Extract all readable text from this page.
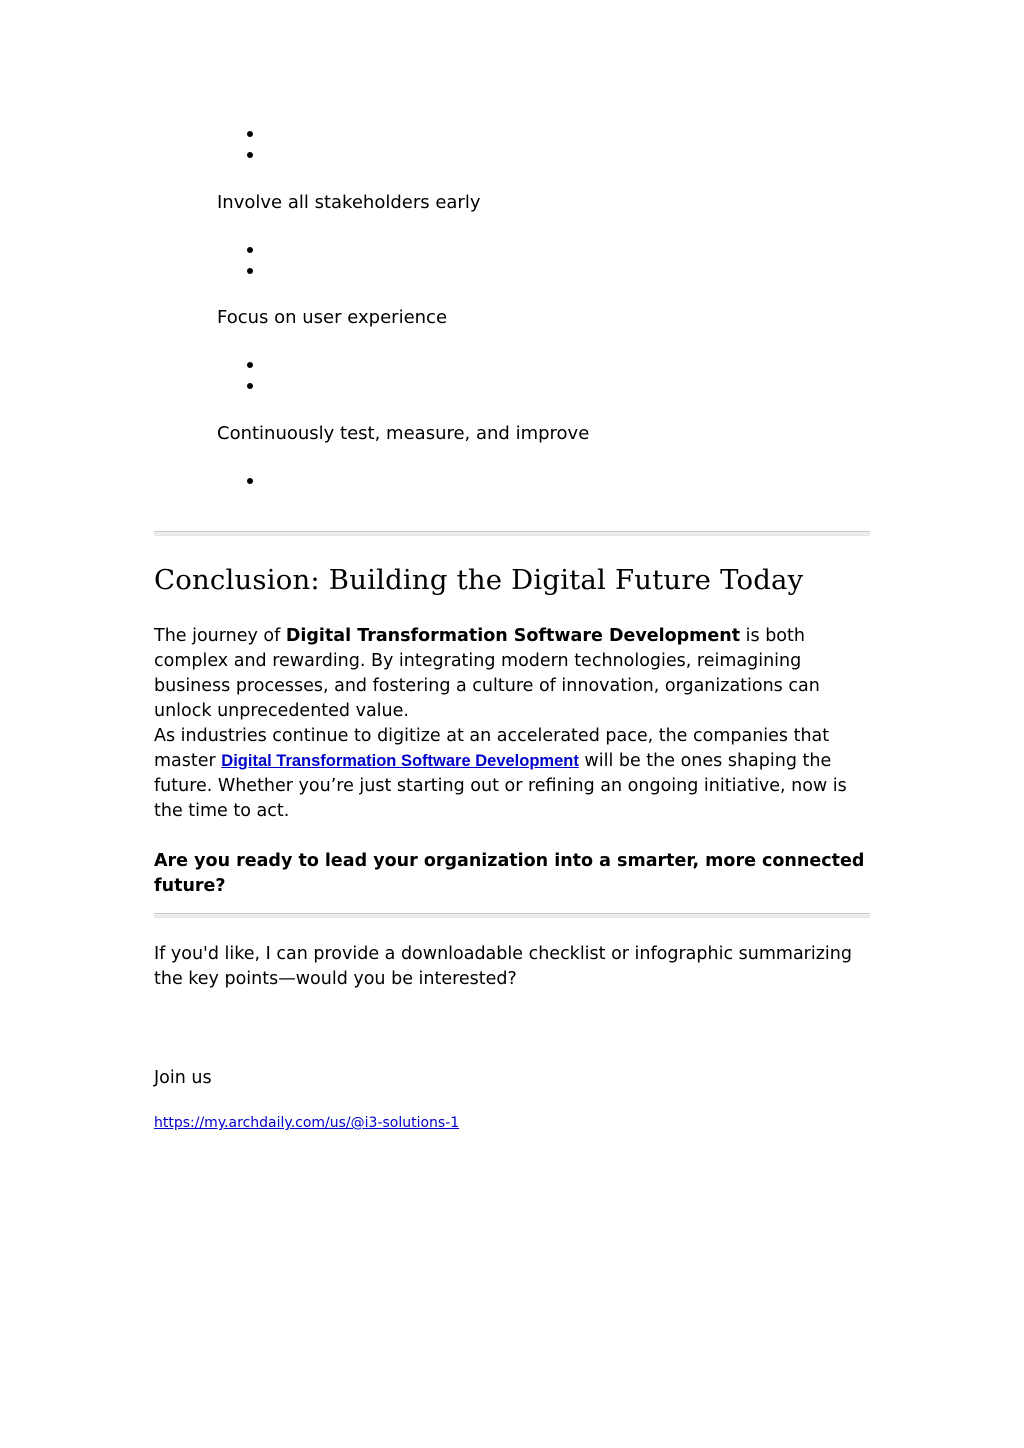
Involve all stakeholders early

Focus on user experience

Continuously test, measure, and improve

Conclusion: Building the Digital Future Today

The journey of Digital Transformation Software Development is both complex and rewarding. By integrating modern technologies, reimagining business processes, and fostering a culture of innovation, organizations can unlock unprecedented value.

As industries continue to digitize at an accelerated pace, the companies that master Digital Transformation Software Development will be the ones shaping the future. Whether you’re just starting out or refining an ongoing initiative, now is the time to act.

Are you ready to lead your organization into a smarter, more connected future?

If you'd like, I can provide a downloadable checklist or infographic summarizing the key points—would you be interested?

Join us

https://my.archdaily.com/us/@i3-solutions-1
